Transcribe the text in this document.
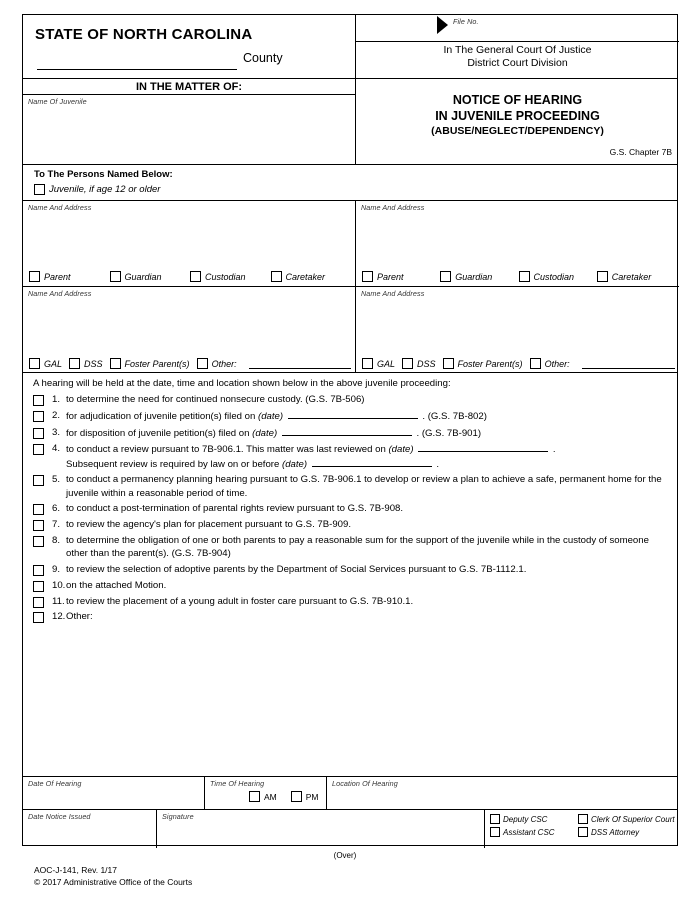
STATE OF NORTH CAROLINA
County
File No.
In The General Court Of Justice
District Court Division
IN THE MATTER OF:
Name Of Juvenile	NOTICE OF HEARING
IN JUVENILE PROCEEDING
(ABUSE/NEGLECT/DEPENDENCY)
G.S. Chapter 7B
To The Persons Named Below:
Juvenile, if age 12 or older
Name And Address
Parent	Guardian	Custodian	Caretaker
Name And Address
Parent	Guardian	Custodian	Caretaker
Name And Address
GAL DSS Foster Parent(s) Other:
Name And Address
GAL DSS Foster Parent(s) Other:
A hearing will be held at the date, time and location shown below in the above juvenile proceeding:
1. to determine the need for continued nonsecure custody. (G.S. 7B-506)
2. for adjudication of juvenile petition(s) filed on (date)	. (G.S. 7B-802)
3. for disposition of juvenile petition(s) filed on (date)	. (G.S. 7B-901)
4. to conduct a review pursuant to 7B-906.1. This matter was last reviewed on (date)	.
Subsequent review is required by law on or before (date)	.
5. to conduct a permanency planning hearing pursuant to G.S. 7B-906.1 to develop or review a plan to achieve a safe, permanent home for the juvenile within a reasonable period of time.
6. to conduct a post-termination of parental rights review pursuant to G.S. 7B-908.
7. to review the agency's plan for placement pursuant to G.S. 7B-909.
8. to determine the obligation of one or both parents to pay a reasonable sum for the support of the juvenile while in the custody of someone other than the parent(s). (G.S. 7B-904)
9. to review the selection of adoptive parents by the Department of Social Services pursuant to G.S. 7B-1112.1.
10. on the attached Motion.
11. to review the placement of a young adult in foster care pursuant to G.S. 7B-910.1.
12. Other:
Date Of Hearing	Time Of Hearing
AM	PM
Location Of Hearing
Date Notice Issued	Signature	Deputy CSC	Clerk Of Superior Court
Assistant CSC	DSS Attorney
(Over)
AOC-J-141, Rev. 1/17
© 2017 Administrative Office of the Courts
